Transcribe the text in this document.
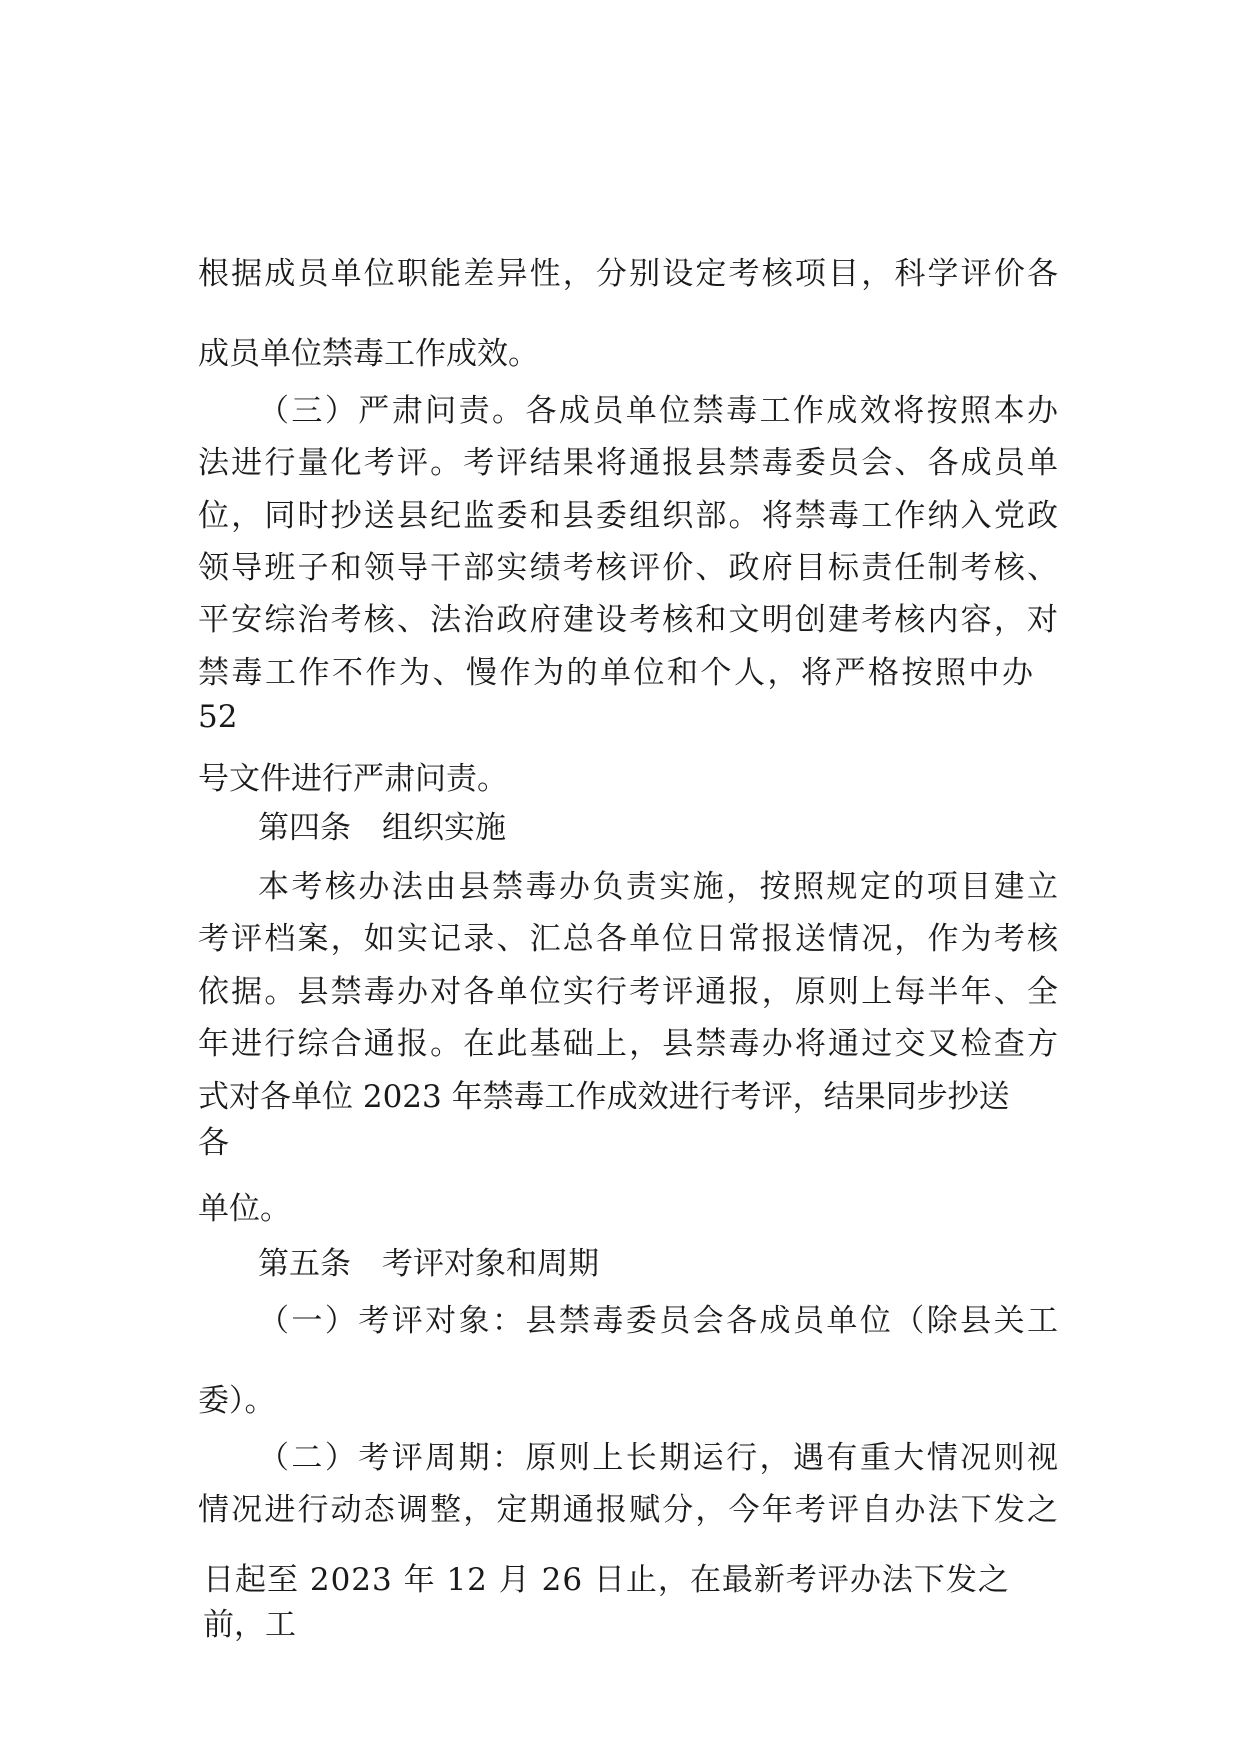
根据成员单位职能差异性，分别设定考核项目，科学评价各

成员单位禁毒工作成效。

（三）严肃问责。各成员单位禁毒工作成效将按照本办

法进行量化考评。考评结果将通报县禁毒委员会、各成员单

位，同时抄送县纪监委和县委组织部。将禁毒工作纳入党政

领导班子和领导干部实绩考核评价、政府目标责任制考核、

平安综治考核、法治政府建设考核和文明创建考核内容，对

禁毒工作不作为、慢作为的单位和个人，将严格按照中办

52

号文件进行严肃问责。

第四条　组织实施

本考核办法由县禁毒办负责实施，按照规定的项目建立

考评档案，如实记录、汇总各单位日常报送情况，作为考核

依据。县禁毒办对各单位实行考评通报，原则上每半年、全

年进行综合通报。在此基础上，县禁毒办将通过交叉检查方

式对各单位 2023 年禁毒工作成效进行考评，结果同步抄送

各

单位。

第五条　考评对象和周期

（一）考评对象：县禁毒委员会各成员单位（除县关工

委）。

（二）考评周期：原则上长期运行，遇有重大情况则视

情况进行动态调整，定期通报赋分，今年考评自办法下发之

日起至 2023 年 12 月 26 日止，在最新考评办法下发之

前，工
